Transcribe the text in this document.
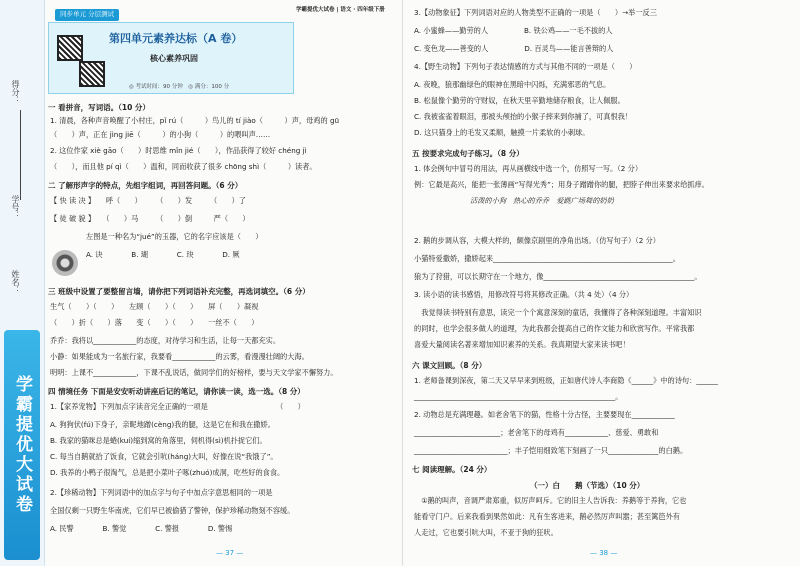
得分：
学号：
姓名：
学霸提优大试卷
同步单元 分层测试
第四单元素养达标（A 卷）
核心素养巩固
◎ 考试时间：90 分钟　◎ 满分：100 分
学霸提优大试卷 | 语文 · 四年级下册
一 看拼音，写词语。（10 分）
1. 清晨，各种声音唤醒了小村庄，pǐ rú（　　　）鸟儿的 tí jiào（　　　）声，母鸡的 gū
（　　）声，正在 jìng jiē（　　　）的小狗（　　　）的喂叫声……
2. 这位作家 xiè gāo（　　）时思维 mǐn jié（　　），作品获得了较好 chéng jì
（　　），而且他 pí qì（　　）温和，同而收获了很多 chōng shì（　　　）读者。
二 了解形声字的特点，先组字组词，再回答问题。（6 分）
【 快 读 决 】　　呼（　　）　　　（　　）发　　　（　　）了
【 徒 破 貌 】　　（　　）马　　　（　　）倒　　　严（　　）
左图是一种名为“jué”的玉器，它的名字应该是（　　）
A. 诀　　　　B. 瑚　　　　C. 玦　　　　D. 厥
三 班级中设置了要整留言墙，请你把下列词语补充完整，再选词填空。（6 分）
生气（　　）（　　）　　左顾（　　）（　　）　　屏（　　）凝视
（　　）折（　　）落　　变（　　）（　　）　　一丝不（　　）
乔乔：我将以____________的态度，对待学习和生活，让每一天都充实。
小静：如果能成为一名旅行家，我要看____________的云雾，看漫漫壮阔的大海。
明明：上课不____________，下课不乱说话，做同学们的好榜样，要与天文学家不懈努力。
四 情境任务 下面是安安听动讲座后记的笔记，请你读一读，选一选。（8 分）
1.【家养宠物】下列加点字读音完全正确的一项是　　　　　　　　　　（　　）
A. 狗狗伏(fú)下身子，亲昵地蹭(cèng)我的腿，这是它在和我在撒娇。
B. 我家的猫咪总是蜷(kuí)缩到窝的角落里，伺机得(sì)机扑捉它们。
C. 每当自鹅就拾了饭食，它就会引吭(háng)大叫，好像在说“我饿了”。
D. 我养的小鸭子很淘气，总是把小菜叶子啄(zhuó)成洞，吃些好的食食。
2.【珍稀动物】下列词语中的加点字与句子中加点字意思相同的一项是
全国仅剩一只野生华南虎，它们早已被偷猎了警钟，保护珍稀动物刻不容缓。
A. 民警　　　　B. 警觉　　　　C. 警报　　　　D. 警惕
— 37 —
3.【动物象征】下列词语对应的人物类型不正确的一项是（　　）→举一反三
A. 小蜜蜂——勤劳的人　　　　　B. 铁公鸡——一毛不拔的人
C. 变色龙——善变的人　　　　　D. 百灵鸟——能言善辩的人
4.【野生动物】下列句子表达情感的方式与其他不同的一项是（　　）
A. 夜晚，狼那幽绿色的眼神在黑暗中闪烁，充满邪恶的气息。
B. 松鼠像个勤劳的守财奴，在秋天里辛勤地储存粮食，让人佩服。
C. 我被雀雀着眼泪，那被头颅抬的小猴子摔来到你捕了，可真恨我！
D. 这只猫身上的毛发又柔顺，触摸一片柔软的小刺球。
五 按要求完成句子练习。（8 分）
1. 体会例句中冒号的用法，再从画横线中选一个，仿照写一写。（2 分）
例：它最是高兴，能把一张薄画“写得光秀”；用身子蹭蹭你的腿，把脖子伸出来要求给抓痒。
活泼的小狗　热心的乔乔　爱跳广场舞的奶奶
2. 鹅的步调从容，大模大样的，颇像京剧里的净角出场。（仿写句子）（2 分）
小猫特爱撒娇，撒娇起来__________________________________________________。
狼为了狩猎，可以长期守在一个地方，像__________________________________________。
3. 读小语的读书感悟，用修改符号将其修改正确。（共 4 处）（4 分）
　我觉得读书特别有意思，读完一个个寓意深刻的童话，我懂得了各种深刻道理。丰富知识
的同时，也学会很多做人的道理，为此我都会提高自己的作文能力和欣赏写作。平常我都
喜爱大量阅读名著来增加知识素养的关系。我真期望大家来读书吧！
六 课文回顾。（8 分）
1. 老师备课到深夜，第二天又早早来到班级，正如唐代诗人李商隐《______》中的诗句：______
________________________________________________________。
2. 动物总是充满理趣。如老舍笔下的猫，性格十分古怪，主要要现在____________
________________________；老舍笔下的母鸡有____________、慈爱、勇敢和
__________________________；丰子恺用细致笔下刻画了一只______________的白鹅。
七 阅读理解。（24 分）
（一）白　　鹅（节选）（10 分）
　①鹅的叫声，音调严肃郑重，似厉声呵斥。它的旧主人告诉我：养鹅等于养狗，它也
能看守门户。后来我看到果然如此：凡有生客进来，鹅必然厉声叫嚣；甚至篱笆外有
人走过，它也要引吭大叫，不亚于狗的狂吠。
— 38 —
